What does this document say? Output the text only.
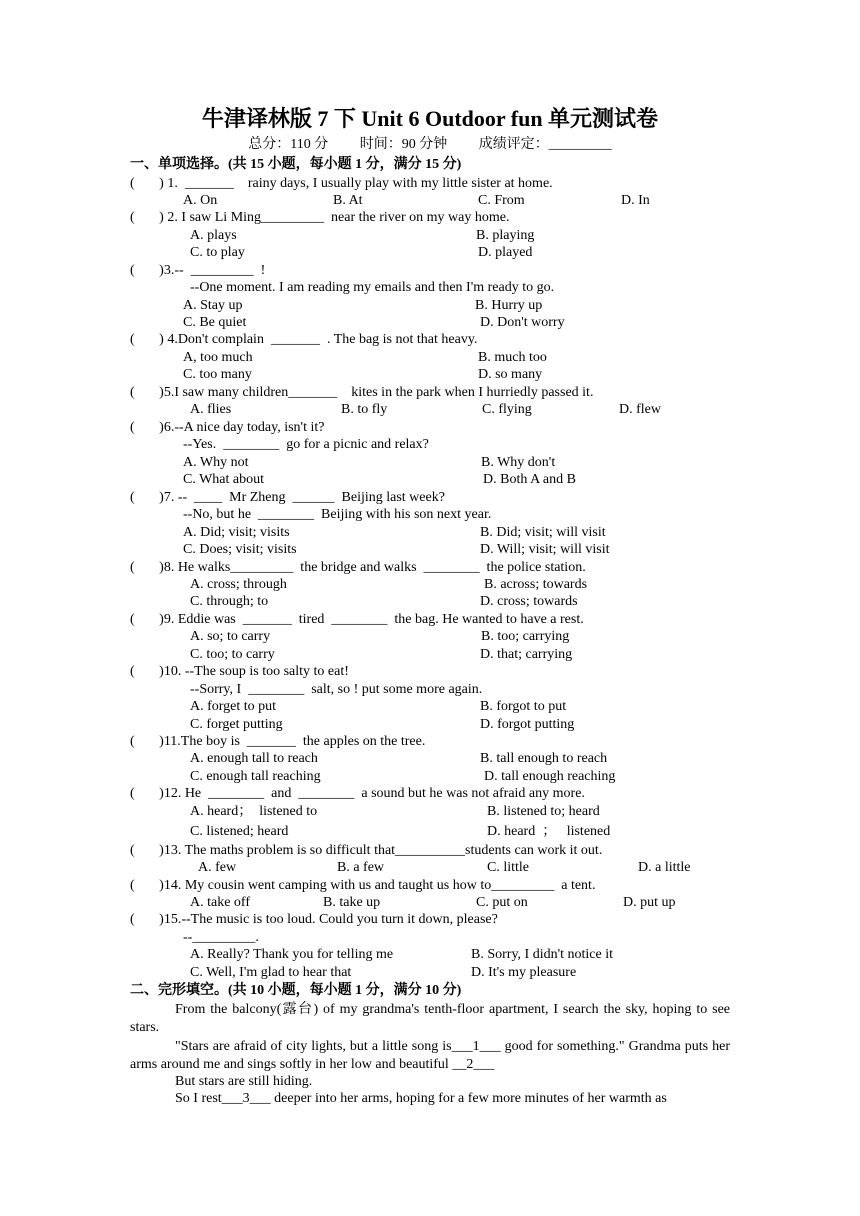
牛津译林版 7 下 Unit 6 Outdoor fun 单元测试卷
总分：110 分 时间：90 分钟 成绩评定：_________
一、单项选择。(共 15 小题，每小题 1 分，满分 15 分)
(       ) 1.  _______    rainy days, I usually play with my little sister at home.
A. On	B. At	C. From	D. In
(       ) 2. I saw Li Ming_________  near the river on my way home.
A. plays	B. playing
C. to play	D. played
(       )3.--  _________  !
--One moment. I am reading my emails and then I'm ready to go.
A. Stay up	B. Hurry up
C. Be quiet	D. Don't worry
(       ) 4.Don't complain  _______  . The bag is not that heavy.
A, too much	B. much too
C. too many	D. so many
(       )5.I saw many children_______    kites in the park when I hurriedly passed it.
A. flies	B. to fly	C. flying	D. flew
(       )6.--A nice day today, isn't it?
--Yes.  ________  go for a picnic and relax?
A. Why not	B. Why don't
C. What about	D. Both A and B
(       )7. --  ____  Mr Zheng  ______  Beijing last week?
--No, but he  ________  Beijing with his son next year.
A. Did; visit; visits	B. Did; visit; will visit
C. Does; visit; visits	D. Will; visit; will visit
(       )8. He walks_________  the bridge and walks  ________  the police station.
A. cross; through	B. across; towards
C. through; to	D. cross; towards
(       )9. Eddie was  _______  tired  ________  the bag. He wanted to have a rest.
A. so; to carry	B. too; carrying
C. too; to carry	D. that; carrying
(       )10. --The soup is too salty to eat!
--Sorry, I  ________  salt, so ! put some more again.
A. forget to put	B. forgot to put
C. forget putting	D. forgot putting
(       )11.The boy is  _______  the apples on the tree.
A. enough tall to reach	B. tall enough to reach
C. enough tall reaching	D. tall enough reaching
(       )12. He  ________  and  ________  a sound but he was not afraid any more.
A. heard；  listened to	B. listened to; heard
C. listened; heard	D. heard  ；   listened
(       )13. The maths problem is so difficult that__________students can work it out.
A. few	B. a few	C. little	D. a little
(       )14. My cousin went camping with us and taught us how to_________  a tent.
A. take off	B. take up	C. put on	D. put up
(       )15.--The music is too loud. Could you turn it down, please?
--_________.
A. Really? Thank you for telling me	B. Sorry, I didn't notice it
C. Well, I'm glad to hear that	D. It's my pleasure
二、完形填空。(共 10 小题，每小题 1 分，满分 10 分)
From the balcony(露台) of my grandma's tenth-floor apartment, I search the sky, hoping to see stars.
"Stars are afraid of city lights, but a little song is___1___ good for something." Grandma puts her arms around me and sings softly in her low and beautiful __2___
But stars are still hiding.
So I rest___3___ deeper into her arms, hoping for a few more minutes of her warmth as
